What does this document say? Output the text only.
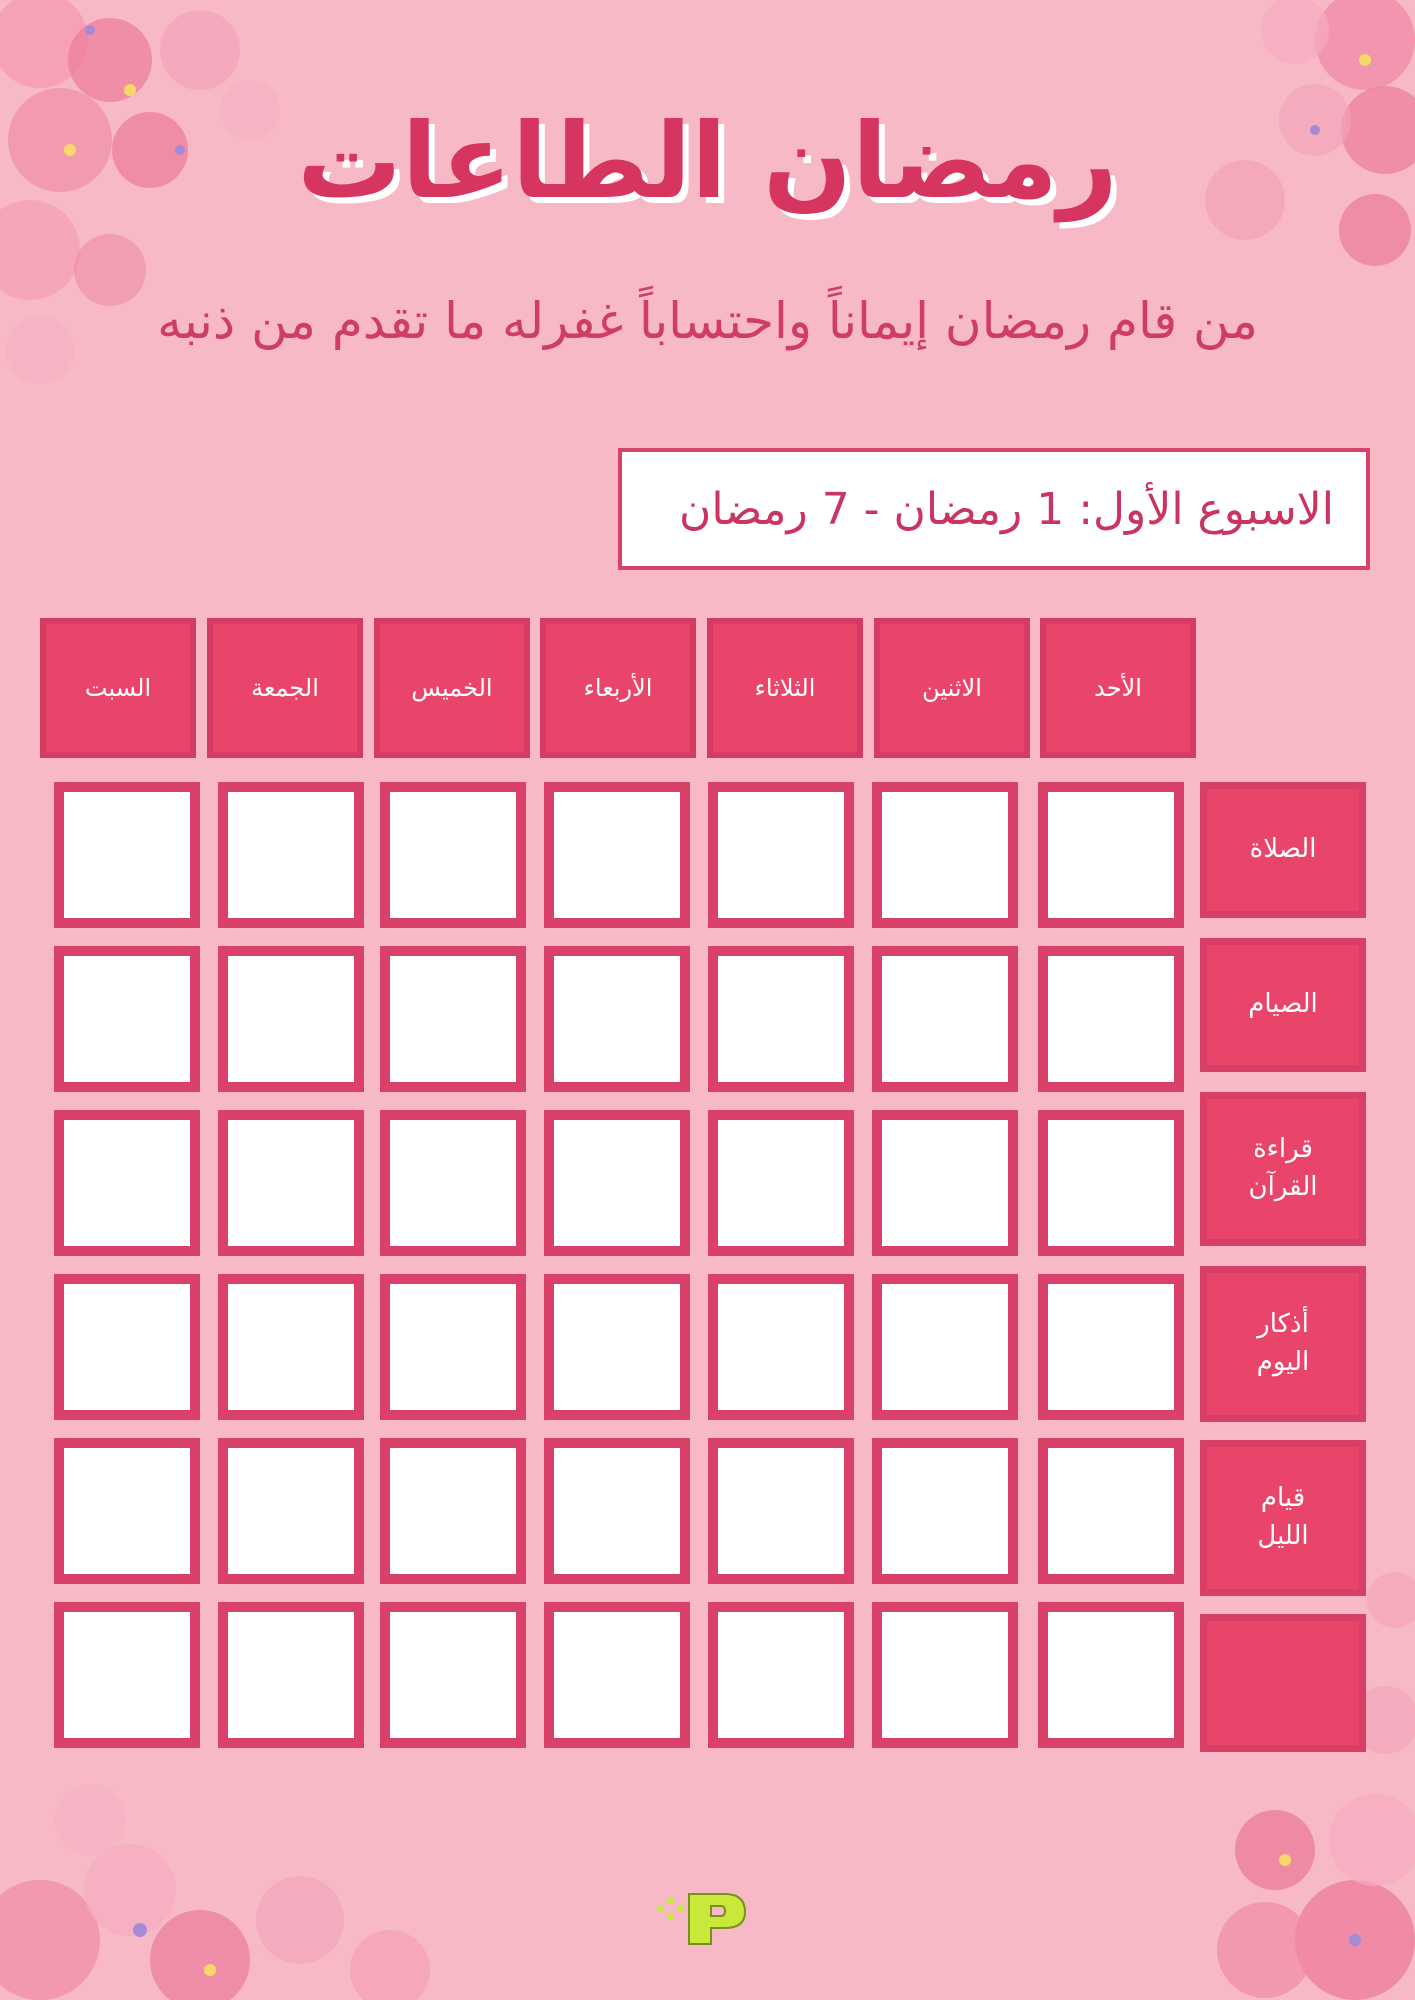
رمضان الطاعات
من قام رمضان إيماناً واحتساباً غفرله ما تقدم من ذنبه
الاسبوع الأول: 1 رمضان - 7 رمضان
الأحد
الاثنين
الثلاثاء
الأربعاء
الخميس
الجمعة
السبت
الصلاة
الصيام
قراءة
القرآن
أذكار
اليوم
قيام
الليل
